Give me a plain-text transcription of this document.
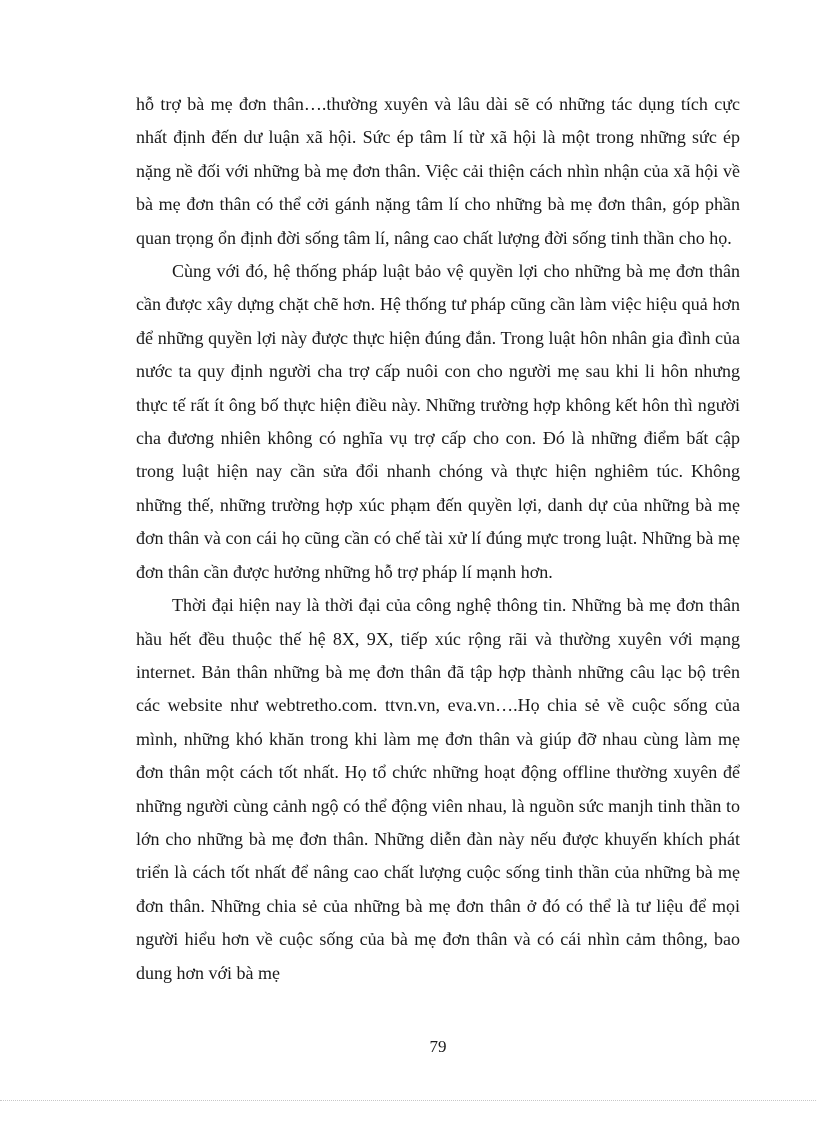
hỗ trợ bà mẹ đơn thân….thường xuyên và lâu dài sẽ có những tác dụng tích cực nhất định đến dư luận xã hội. Sức ép tâm lí từ xã hội là một trong những sức ép nặng nề đối với những bà mẹ đơn thân. Việc cải thiện cách nhìn nhận của xã hội về bà mẹ đơn thân có thể cởi gánh nặng tâm lí cho những bà mẹ đơn thân, góp phần quan trọng ổn định đời sống tâm lí, nâng cao chất lượng đời sống tinh thần cho họ.

Cùng với đó, hệ thống pháp luật bảo vệ quyền lợi cho những bà mẹ đơn thân cần được xây dựng chặt chẽ hơn. Hệ thống tư pháp cũng cần làm việc hiệu quả hơn để những quyền lợi này được thực hiện đúng đắn. Trong luật hôn nhân gia đình của nước ta quy định người cha trợ cấp nuôi con cho người mẹ sau khi li hôn nhưng thực tế rất ít ông bố thực hiện điều này. Những trường hợp không kết hôn thì người cha đương nhiên không có nghĩa vụ trợ cấp cho con. Đó là những điểm bất cập trong luật hiện nay cần sửa đổi nhanh chóng và thực hiện nghiêm túc. Không những thế, những trường hợp xúc phạm đến quyền lợi, danh dự của những bà mẹ đơn thân và con cái họ cũng cần có chế tài xử lí đúng mực trong luật. Những bà mẹ đơn thân cần được hưởng những hỗ trợ pháp lí mạnh hơn.

Thời đại hiện nay là thời đại của công nghệ thông tin. Những bà mẹ đơn thân hầu hết đều thuộc thế hệ 8X, 9X, tiếp xúc rộng rãi và thường xuyên với mạng internet. Bản thân những bà mẹ đơn thân đã tập hợp thành những câu lạc bộ trên các website như webtretho.com. ttvn.vn, eva.vn….Họ chia sẻ về cuộc sống của mình, những khó khăn trong khi làm mẹ đơn thân và giúp đỡ nhau cùng làm mẹ đơn thân một cách tốt nhất. Họ tổ chức những hoạt động offline thường xuyên để những người cùng cảnh ngộ có thể động viên nhau, là nguồn sức manjh tinh thần to lớn cho những bà mẹ đơn thân. Những diễn đàn này nếu được khuyến khích phát triển là cách tốt nhất để nâng cao chất lượng cuộc sống tinh thần của những bà mẹ đơn thân. Những chia sẻ của những bà mẹ đơn thân ở đó có thể là tư liệu để mọi người hiểu hơn về cuộc sống của bà mẹ đơn thân và có cái nhìn cảm thông, bao dung hơn với bà mẹ

79
